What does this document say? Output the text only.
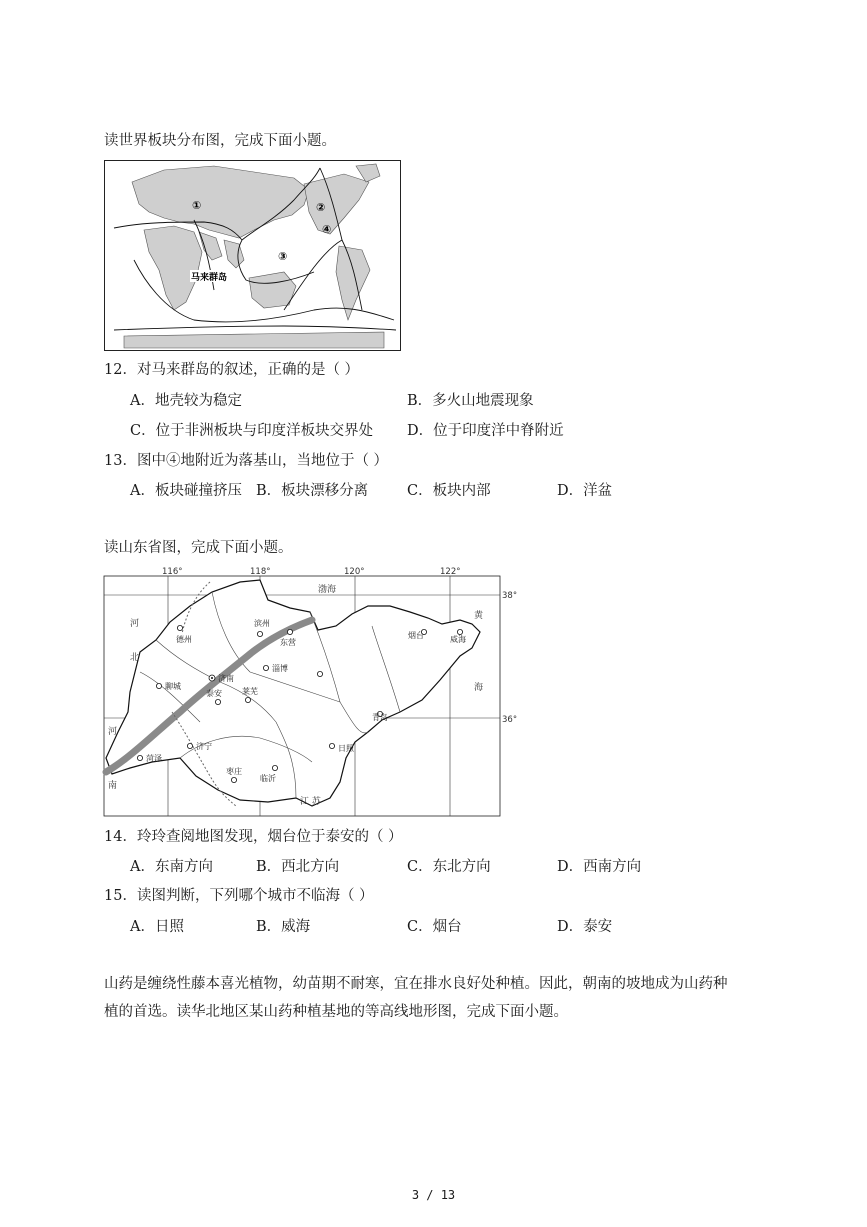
读世界板块分布图，完成下面小题。
①	②
③
④
马来群岛
12．对马来群岛的叙述，正确的是（ ）
A．地壳较为稳定	B．多火山地震现象
C．位于非洲板块与印度洋板块交界处 D．位于印度洋中脊附近
13．图中④地附近为落基山，当地位于（ ）
A．板块碰撞挤压 B．板块漂移分离	C．板块内部	D．洋盆
读山东省图，完成下面小题。
116°	118°	120°	122°
38°
36°
渤海
黄
海
河
北
河
南
江 苏
德州
滨州
东营
烟台	威海
聊城
济南
淄博
泰安	莱芜
青岛
济宁
菏泽
枣庄
临沂
日照
14．玲玲查阅地图发现，烟台位于泰安的（ ）
A．东南方向	B．西北方向	C．东北方向	D．西南方向
15．读图判断，下列哪个城市不临海（ ）
A．日照	B．威海	C．烟台	D．泰安
山药是缠绕性藤本喜光植物，幼苗期不耐寒，宜在排水良好处种植。因此，朝南的坡地成为山药种
植的首选。读华北地区某山药种植基地的等高线地形图，完成下面小题。
3 / 13
